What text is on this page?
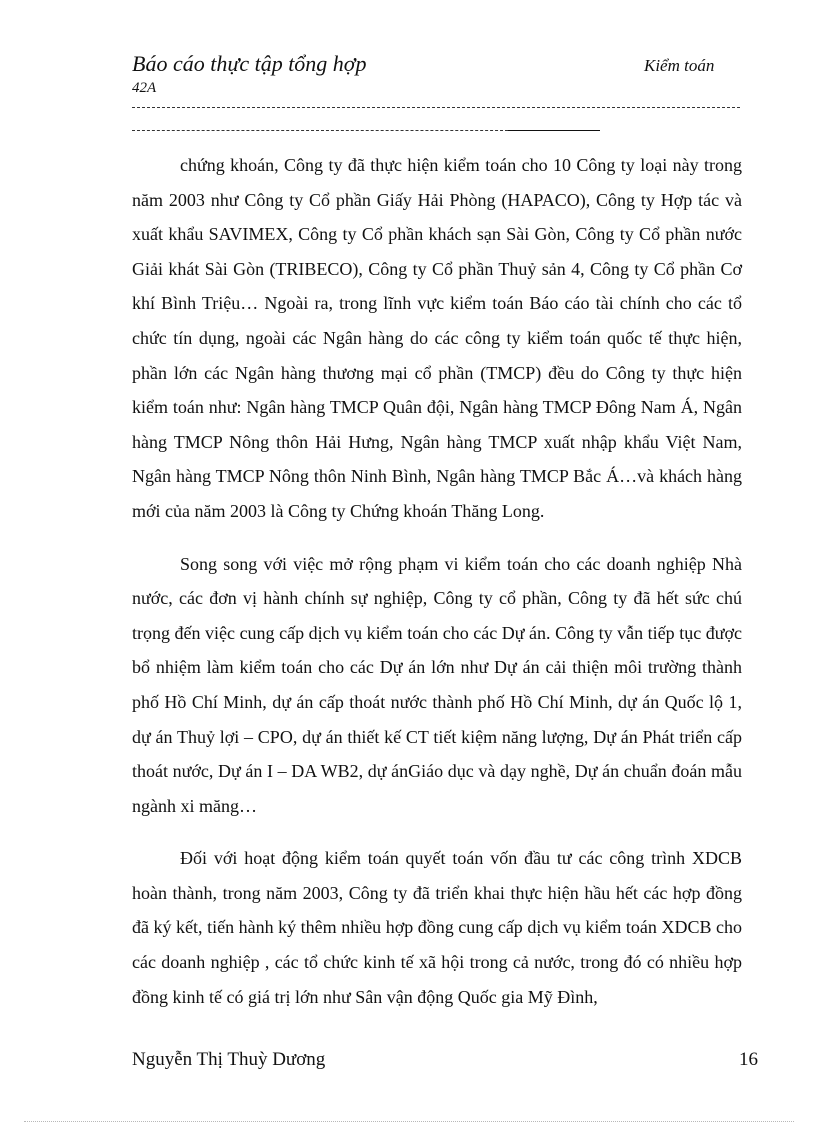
Báo cáo thực tập tổng hợp	Kiểm toán
42A

chứng khoán, Công ty đã thực hiện kiểm toán cho 10 Công ty loại này trong năm 2003 như Công ty Cổ phần Giấy Hải Phòng (HAPACO), Công ty Hợp tác và xuất khẩu SAVIMEX, Công ty Cổ phần khách sạn Sài Gòn, Công ty Cổ phần nước Giải khát Sài Gòn (TRIBECO), Công ty Cổ phần Thuỷ sản 4, Công ty Cổ phần Cơ khí Bình Triệu… Ngoài ra, trong lĩnh vực kiểm toán Báo cáo tài chính cho các tổ chức tín dụng, ngoài các Ngân hàng do các công ty kiểm toán quốc tế thực hiện, phần lớn các Ngân hàng thương mại cổ phần (TMCP) đều do Công ty thực hiện kiểm toán như: Ngân hàng TMCP Quân đội, Ngân hàng TMCP Đông Nam Á, Ngân hàng TMCP Nông thôn Hải Hưng, Ngân hàng TMCP xuất nhập khẩu Việt Nam, Ngân hàng TMCP Nông thôn Ninh Bình, Ngân hàng TMCP Bắc Á…và khách hàng mới của năm 2003 là Công ty Chứng khoán Thăng Long.

Song song với việc mở rộng phạm vi kiểm toán cho các doanh nghiệp Nhà nước, các đơn vị hành chính sự nghiệp, Công ty cổ phần, Công ty đã hết sức chú trọng đến việc cung cấp dịch vụ kiểm toán cho các Dự án. Công ty vẫn tiếp tục được bổ nhiệm làm kiểm toán cho các Dự án lớn như Dự án cải thiện môi trường thành phố Hồ Chí Minh, dự án cấp thoát nước thành phố Hồ Chí Minh, dự án Quốc lộ 1, dự án Thuỷ lợi – CPO, dự án thiết kế CT tiết kiệm năng lượng, Dự án Phát triển cấp thoát nước, Dự án I – DA WB2, dự ánGiáo dục và dạy nghề, Dự án chuẩn đoán mẫu ngành xi măng…

Đối với hoạt động kiểm toán quyết toán vốn đầu tư các công trình XDCB hoàn thành, trong năm 2003, Công ty đã triển khai thực hiện hầu hết các hợp đồng đã ký kết, tiến hành ký thêm nhiều hợp đồng cung cấp dịch vụ kiểm toán XDCB cho các doanh nghiệp , các tổ chức kinh tế xã hội trong cả nước, trong đó có nhiều hợp đồng kinh tế có giá trị lớn như Sân vận động Quốc gia Mỹ Đình,

Nguyễn Thị Thuỳ Dương	16
